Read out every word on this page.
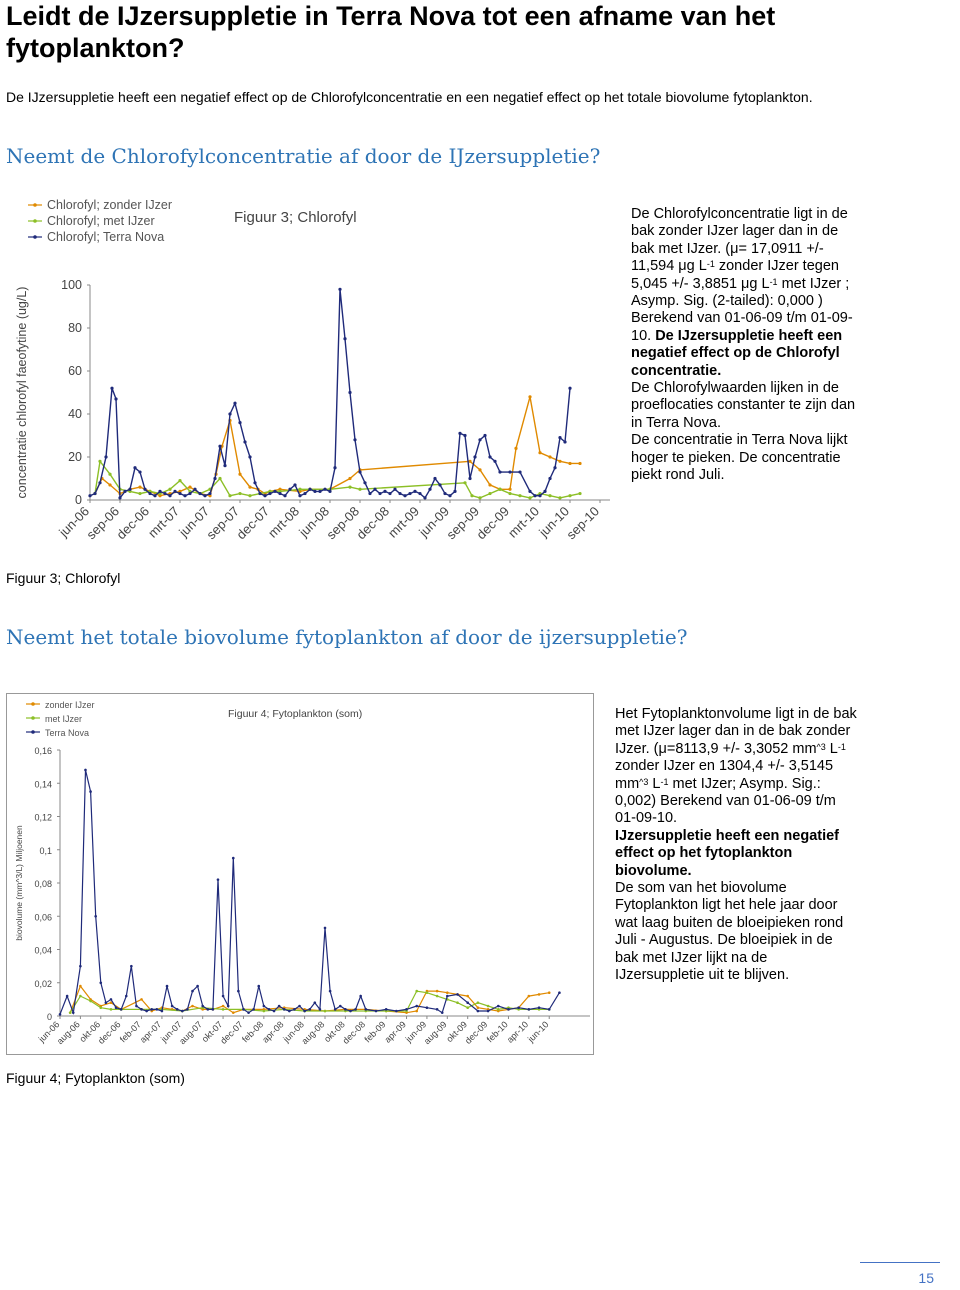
Leidt de IJzersuppletie in Terra Nova tot een afname van het fytoplankton?
De IJzersuppletie heeft een negatief effect op de Chlorofylconcentratie en een negatief effect op het totale biovolume fytoplankton.
Neemt de Chlorofylconcentratie af door de IJzersuppletie?
0
20
40
60
80
100
concentratie chlorofyl faeofytine (ug/L)
jun-06
sep-06
dec-06
mrt-07
jun-07
sep-07
dec-07
mrt-08
jun-08
sep-08
dec-08
mrt-09
jun-09
sep-09
dec-09
mrt-10
jun-10
sep-10
Figuur 3; Chlorofyl
Chlorofyl; zonder IJzer
Chlorofyl; met IJzer
Chlorofyl; Terra Nova
De Chlorofylconcentratie ligt in de bak zonder IJzer lager dan in de bak met IJzer. (μ= 17,0911 +/- 11,594 μg $L^{-1}$ zonder IJzer tegen 5,045 +/- 3,8851 μg $L^{-1}$ met IJzer ; Asymp. Sig. (2-tailed): 0,000 ) Berekend van 01-06-09 t/m 01-09-10. De IJzersuppletie heeft een negatief effect op de Chlorofyl concentratie.
De Chlorofylwaarden lijken in de proeflocaties constanter te zijn dan in Terra Nova.
De concentratie in Terra Nova lijkt hoger te pieken. De concentratie piekt rond Juli.
Figuur 3; Chlorofyl
Neemt het totale biovolume fytoplankton af door de ijzersuppletie?
0
0,02
0,04
0,06
0,08
0,1
0,12
0,14
0,16
biovolume (mm^3/L) Miljoenen
jun-06
aug-06
okt-06
dec-06
feb-07
apr-07
jun-07
aug-07
okt-07
dec-07
feb-08
apr-08
jun-08
aug-08
okt-08
dec-08
feb-09
apr-09
jun-09
aug-09
okt-09
dec-09
feb-10
apr-10
jun-10
Figuur 4; Fytoplankton (som)
zonder IJzer
met IJzer
Terra Nova
Het Fytoplanktonvolume ligt in de bak met IJzer lager dan in de bak zonder IJzer. (μ=8113,9 +/- 3,3052 $mm^{\^{}3}$ $L^{-1}$ zonder IJzer en 1304,4 +/- 3,5145 $mm^{\^{}3}$ $L^{-1}$ met IJzer; Asymp. Sig.: 0,002) Berekend van 01-06-09 t/m 01-09-10.
IJzersuppletie heeft een negatief effect op het fytoplankton biovolume.
De som van het biovolume Fytoplankton ligt het hele jaar door wat laag buiten de bloeipieken rond Juli - Augustus. De bloeipiek in de bak met IJzer lijkt na de IJzersuppletie uit te blijven.
Figuur 4; Fytoplankton (som)
15
